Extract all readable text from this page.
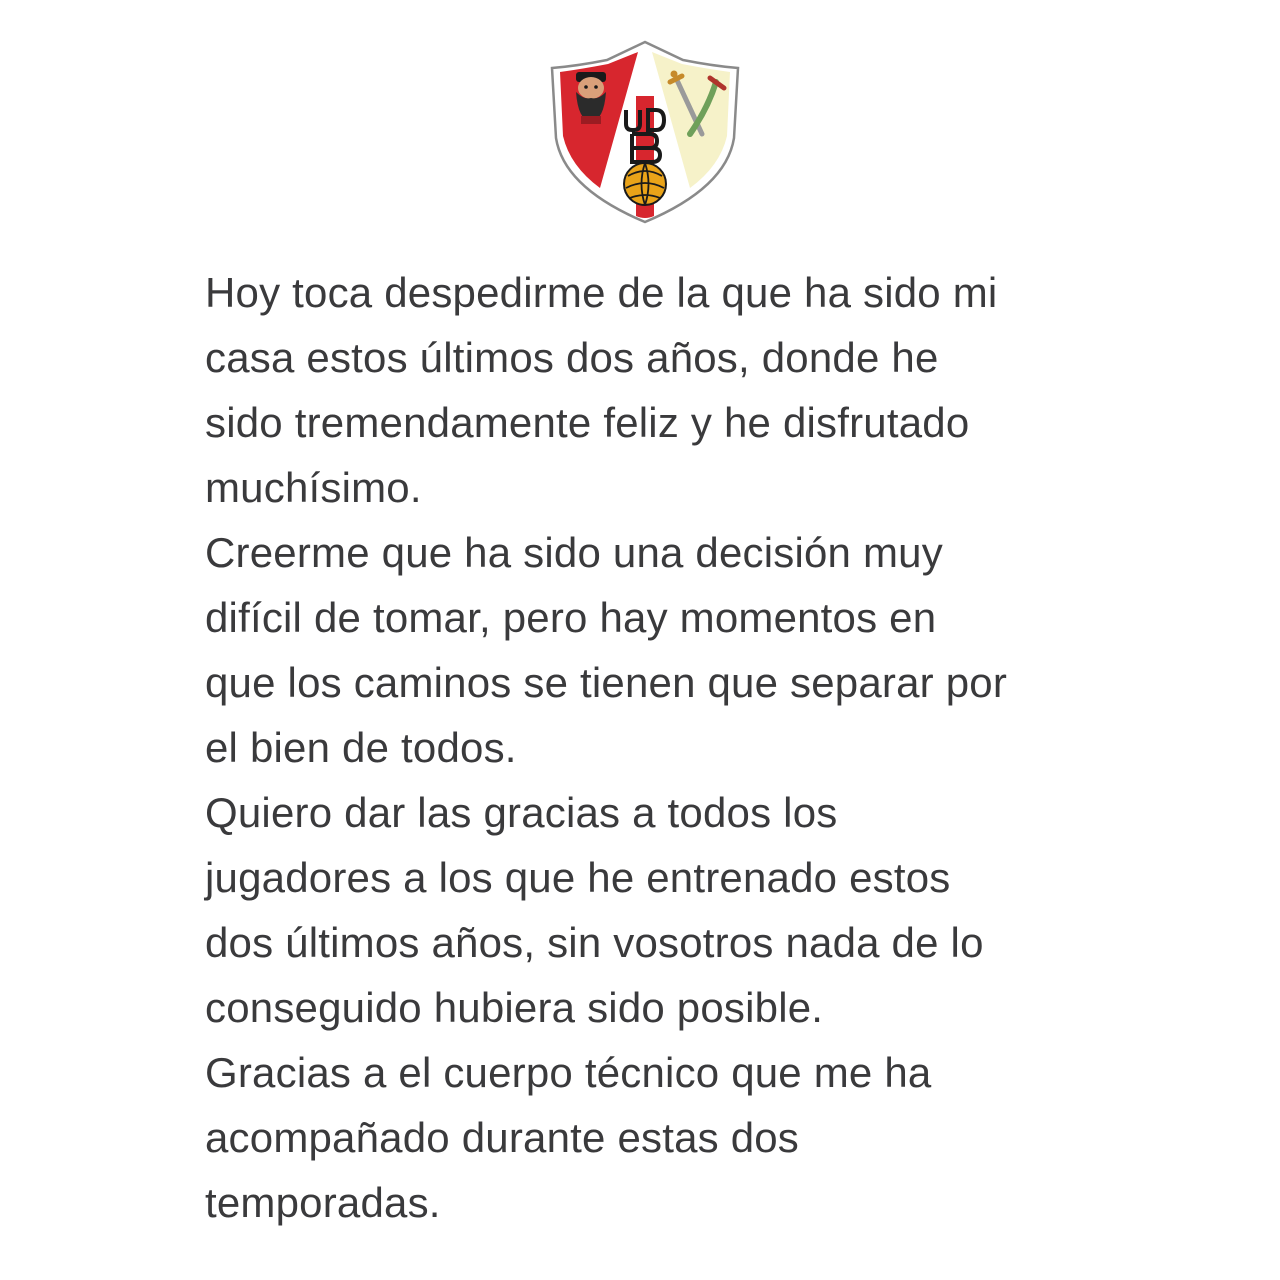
Hoy toca despedirme de la que ha sido mi
casa estos últimos dos años, donde he
sido tremendamente feliz y he disfrutado
muchísimo.
Creerme que ha sido una decisión muy
difícil de tomar, pero hay momentos en
que los caminos se tienen que separar por
el bien de todos.
Quiero dar las gracias a todos los
jugadores a los que he entrenado estos
dos últimos años, sin vosotros nada de lo
conseguido hubiera sido posible.
Gracias a el cuerpo técnico que me ha
acompañado durante estas dos
temporadas.
